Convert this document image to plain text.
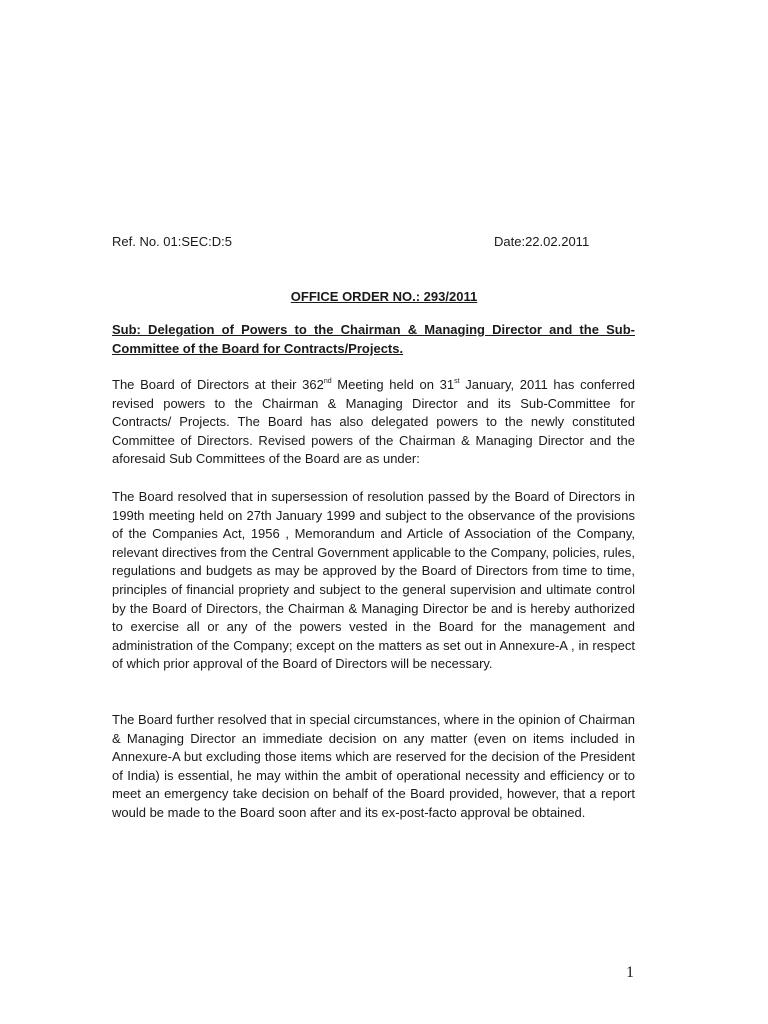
Ref. No. 01:SEC:D:5	Date:22.02.2011
OFFICE ORDER NO.: 293/2011
Sub: Delegation of Powers to the Chairman & Managing Director and the Sub-Committee of the Board for Contracts/Projects.
The Board of Directors at their 362nd Meeting held on 31st January, 2011 has conferred revised powers to the Chairman & Managing Director and its Sub-Committee for Contracts/ Projects. The Board has also delegated powers to the newly constituted Committee of Directors. Revised powers of the Chairman & Managing Director and the aforesaid Sub Committees of the Board are as under:
The Board resolved that in supersession of resolution passed by the Board of Directors in 199th meeting held on 27th January 1999 and subject to the observance of the provisions of the Companies Act, 1956 , Memorandum and Article of Association of the Company, relevant directives from the Central Government applicable to the Company, policies, rules, regulations and budgets as may be approved by the Board of Directors from time to time, principles of financial propriety and subject to the general supervision and ultimate control by the Board of Directors, the Chairman & Managing Director be and is hereby authorized to exercise all or any of the powers vested in the Board for the management and administration of the Company; except on the matters as set out in Annexure-A , in respect of which prior approval of the Board of Directors will be necessary.
The Board further resolved that in special circumstances, where in the opinion of Chairman & Managing Director an immediate decision on any matter (even on items included in Annexure-A but excluding those items which are reserved for the decision of the President of India) is essential, he may within the ambit of operational necessity and efficiency or to meet an emergency take decision on behalf of the Board provided, however, that a report would be made to the Board soon after and its ex-post-facto approval be obtained.
1
